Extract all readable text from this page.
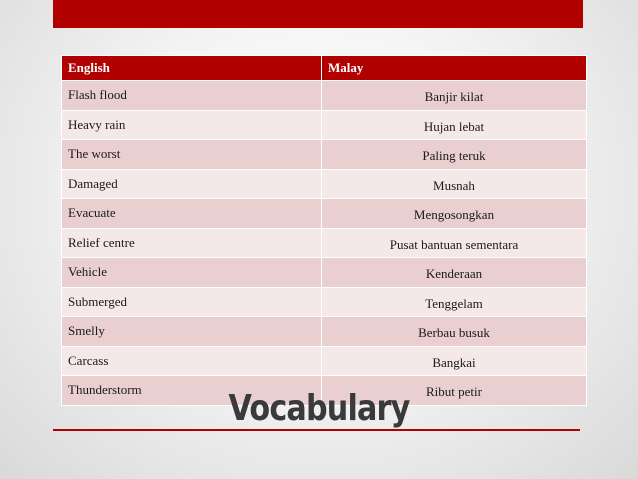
English	Malay
Flash flood	Banjir kilat
Heavy rain	Hujan lebat
The worst	Paling teruk
Damaged	Musnah
Evacuate	Mengosongkan
Relief centre	Pusat bantuan sementara
Vehicle	Kenderaan
Submerged	Tenggelam
Smelly	Berbau busuk
Carcass	Bangkai
Thunderstorm	Ribut petir
Vocabulary
